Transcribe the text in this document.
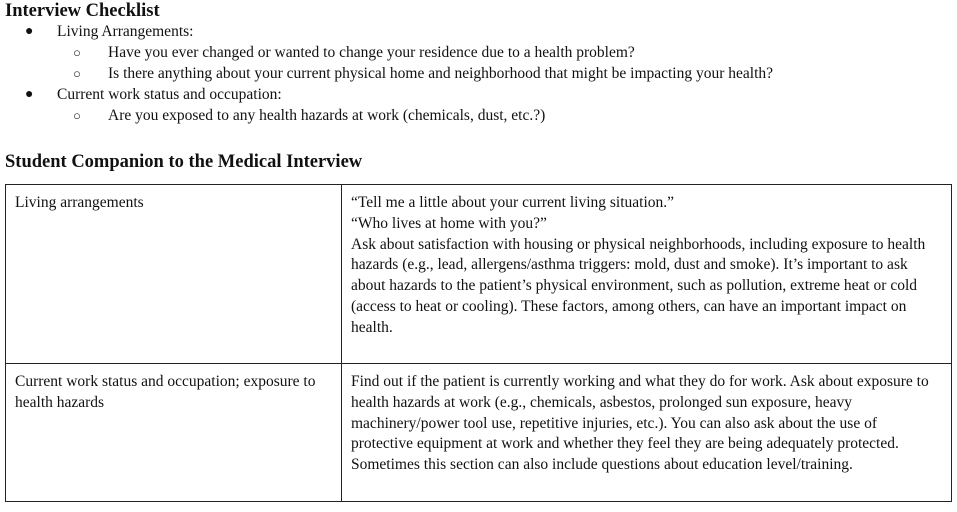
Interview Checklist
● Living Arrangements:
○ Have you ever changed or wanted to change your residence due to a health problem?
○ Is there anything about your current physical home and neighborhood that might be impacting your health?
● Current work status and occupation:
○ Are you exposed to any health hazards at work (chemicals, dust, etc.?)
Student Companion to the Medical Interview
Living arrangements	“Tell me a little about your current living situation.”
“Who lives at home with you?”
Ask about satisfaction with housing or physical neighborhoods, including exposure to health hazards (e.g., lead, allergens/asthma triggers: mold, dust and smoke). It’s important to ask about hazards to the patient’s physical environment, such as pollution, extreme heat or cold (access to heat or cooling). These factors, among others, can have an important impact on health.

Current work status and occupation; exposure to health hazards	Find out if the patient is currently working and what they do for work. Ask about exposure to health hazards at work (e.g., chemicals, asbestos, prolonged sun exposure, heavy machinery/power tool use, repetitive injuries, etc.). You can also ask about the use of protective equipment at work and whether they feel they are being adequately protected. Sometimes this section can also include questions about education level/training.
